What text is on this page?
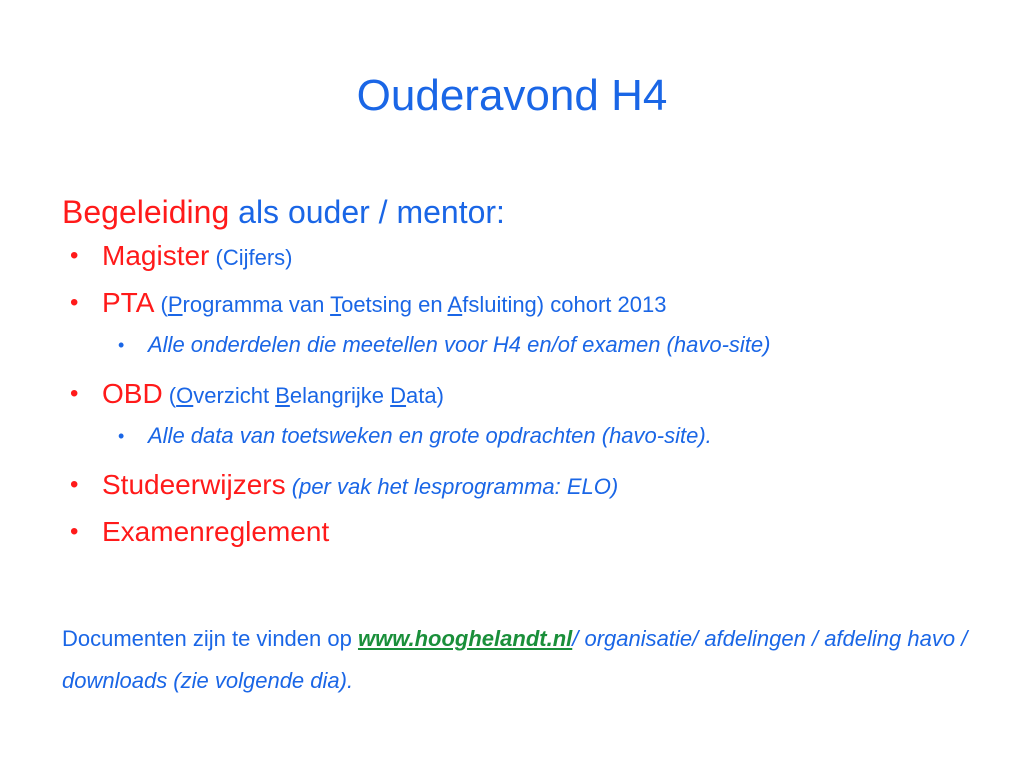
Ouderavond H4
Begeleiding als ouder / mentor:
• Magister (Cijfers)
• PTA (Programma van Toetsing en Afsluiting) cohort 2013
• Alle onderdelen die meetellen voor H4 en/of examen (havo-site)
• OBD (Overzicht Belangrijke Data)
• Alle data van toetsweken en grote opdrachten (havo-site).
• Studeerwijzers (per vak het lesprogramma: ELO)
• Examenreglement
Documenten zijn te vinden op www.hooghelandt.nl/ organisatie/ afdelingen / afdeling havo / downloads (zie volgende dia).
